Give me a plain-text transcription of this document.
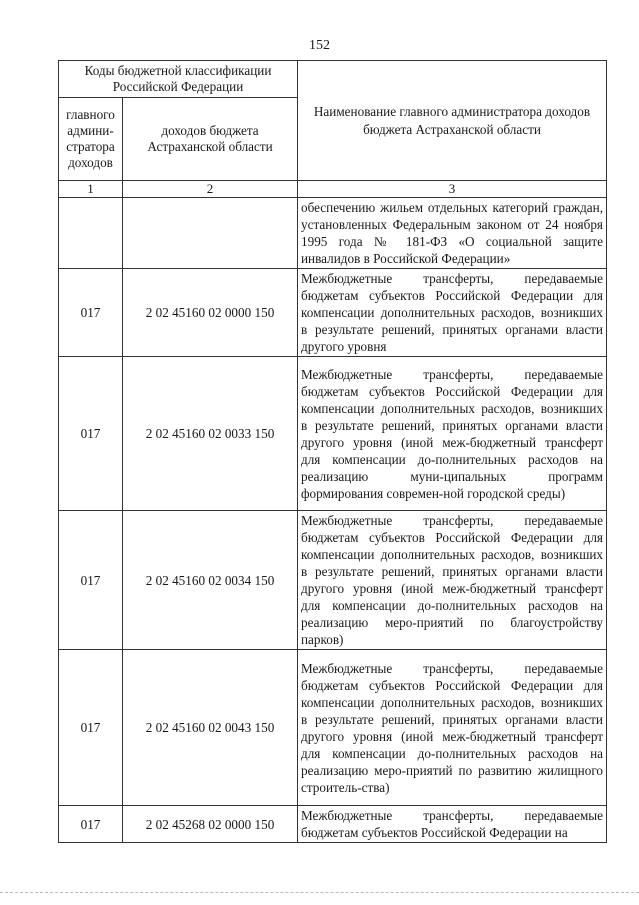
152
Коды бюджетной классификации Российской Федерации		Наименование главного администратора доходов бюджета Астраханской области
главного админи-стратора доходов	доходов бюджета Астраханской области	
1	2	3
		обеспечению жильем отдельных категорий граждан, установленных Федеральным законом от 24 ноября 1995 года № 181-ФЗ «О социальной защите инвалидов в Российской Федерации»
017	2 02 45160 02 0000 150	Межбюджетные трансферты, передаваемые бюджетам субъектов Российской Федерации для компенсации дополнительных расходов, возникших в результате решений, принятых органами власти другого уровня
017	2 02 45160 02 0033 150	Межбюджетные трансферты, передаваемые бюджетам субъектов Российской Федерации для компенсации дополнительных расходов, возникших в результате решений, принятых органами власти другого уровня (иной меж-бюджетный трансферт для компенсации до-полнительных расходов на реализацию муни-ципальных программ формирования современ-ной городской среды)
017	2 02 45160 02 0034 150	Межбюджетные трансферты, передаваемые бюджетам субъектов Российской Федерации для компенсации дополнительных расходов, возникших в результате решений, принятых органами власти другого уровня (иной меж-бюджетный трансферт для компенсации до-полнительных расходов на реализацию меро-приятий по благоустройству парков)
017	2 02 45160 02 0043 150	Межбюджетные трансферты, передаваемые бюджетам субъектов Российской Федерации для компенсации дополнительных расходов, возникших в результате решений, принятых органами власти другого уровня (иной меж-бюджетный трансферт для компенсации до-полнительных расходов на реализацию меро-приятий по развитию жилищного строитель-ства)
017	2 02 45268 02 0000 150	Межбюджетные трансферты, передаваемые бюджетам субъектов Российской Федерации на
